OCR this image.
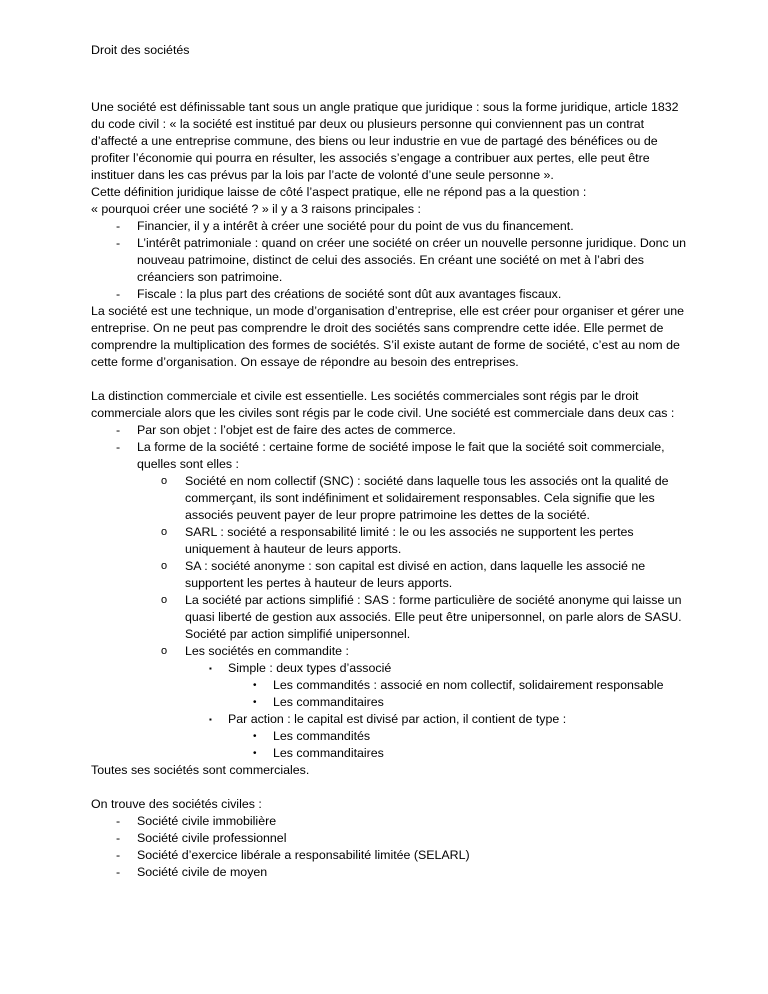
Droit des sociétés

Une société est définissable tant sous un angle pratique que juridique : sous la forme juridique, article 1832 du code civil : « la société est institué par deux ou plusieurs personne qui conviennent pas un contrat d’affecté a une entreprise commune, des biens ou leur industrie en vue de partagé des bénéfices ou de profiter l’économie qui pourra en résulter, les associés s’engage a contribuer aux pertes, elle peut être instituer dans les cas prévus par la lois par l’acte de volonté d’une seule personne ».

Cette définition juridique laisse de côté l’aspect pratique, elle ne répond pas a la question :

« pourquoi créer une société ? » il y a 3 raisons principales :

- Financier, il y a intérêt à créer une société pour du point de vus du financement.
- L’intérêt patrimoniale : quand on créer une société on créer un nouvelle personne juridique. Donc un nouveau patrimoine, distinct de celui des associés. En créant une société on met à l’abri des créanciers son patrimoine.
- Fiscale : la plus part des créations de société sont dût aux avantages fiscaux.

La société est une technique, un mode d’organisation d’entreprise, elle est créer pour organiser et gérer une entreprise. On ne peut pas comprendre le droit des sociétés sans comprendre cette idée. Elle permet de comprendre la multiplication des formes de sociétés. S’il existe autant de forme de société, c’est au nom de cette forme d’organisation. On essaye de répondre au besoin des entreprises.

La distinction commerciale et civile est essentielle. Les sociétés commerciales sont régis par le droit commerciale alors que les civiles sont régis par le code civil. Une société est commerciale dans deux cas :

- Par son objet : l’objet est de faire des actes de commerce.
- La forme de la société : certaine forme de société impose le fait que la société soit commerciale, quelles sont elles :
o Société en nom collectif (SNC) : société dans laquelle tous les associés ont la qualité de commerçant, ils sont indéfiniment et solidairement responsables. Cela signifie que les associés peuvent payer de leur propre patrimoine les dettes de la société.
o SARL : société a responsabilité limité : le ou les associés ne supportent les pertes uniquement à hauteur de leurs apports.
o SA : société anonyme : son capital est divisé en action, dans laquelle les associé ne supportent les pertes à hauteur de leurs apports.
o La société par actions simplifié : SAS : forme particulière de société anonyme qui laisse un quasi liberté de gestion aux associés. Elle peut être unipersonnel, on parle alors de SASU. Société par action simplifié unipersonnel.
o Les sociétés en commandite :
▪ Simple : deux types d’associé
• Les commandités : associé en nom collectif, solidairement responsable
• Les commanditaires
▪ Par action : le capital est divisé par action, il contient de type :
• Les commandités
• Les commanditaires

Toutes ses sociétés sont commerciales.

On trouve des sociétés civiles :

- Société civile immobilière
- Société civile professionnel
- Société d’exercice libérale a responsabilité limitée (SELARL)
- Société civile de moyen
